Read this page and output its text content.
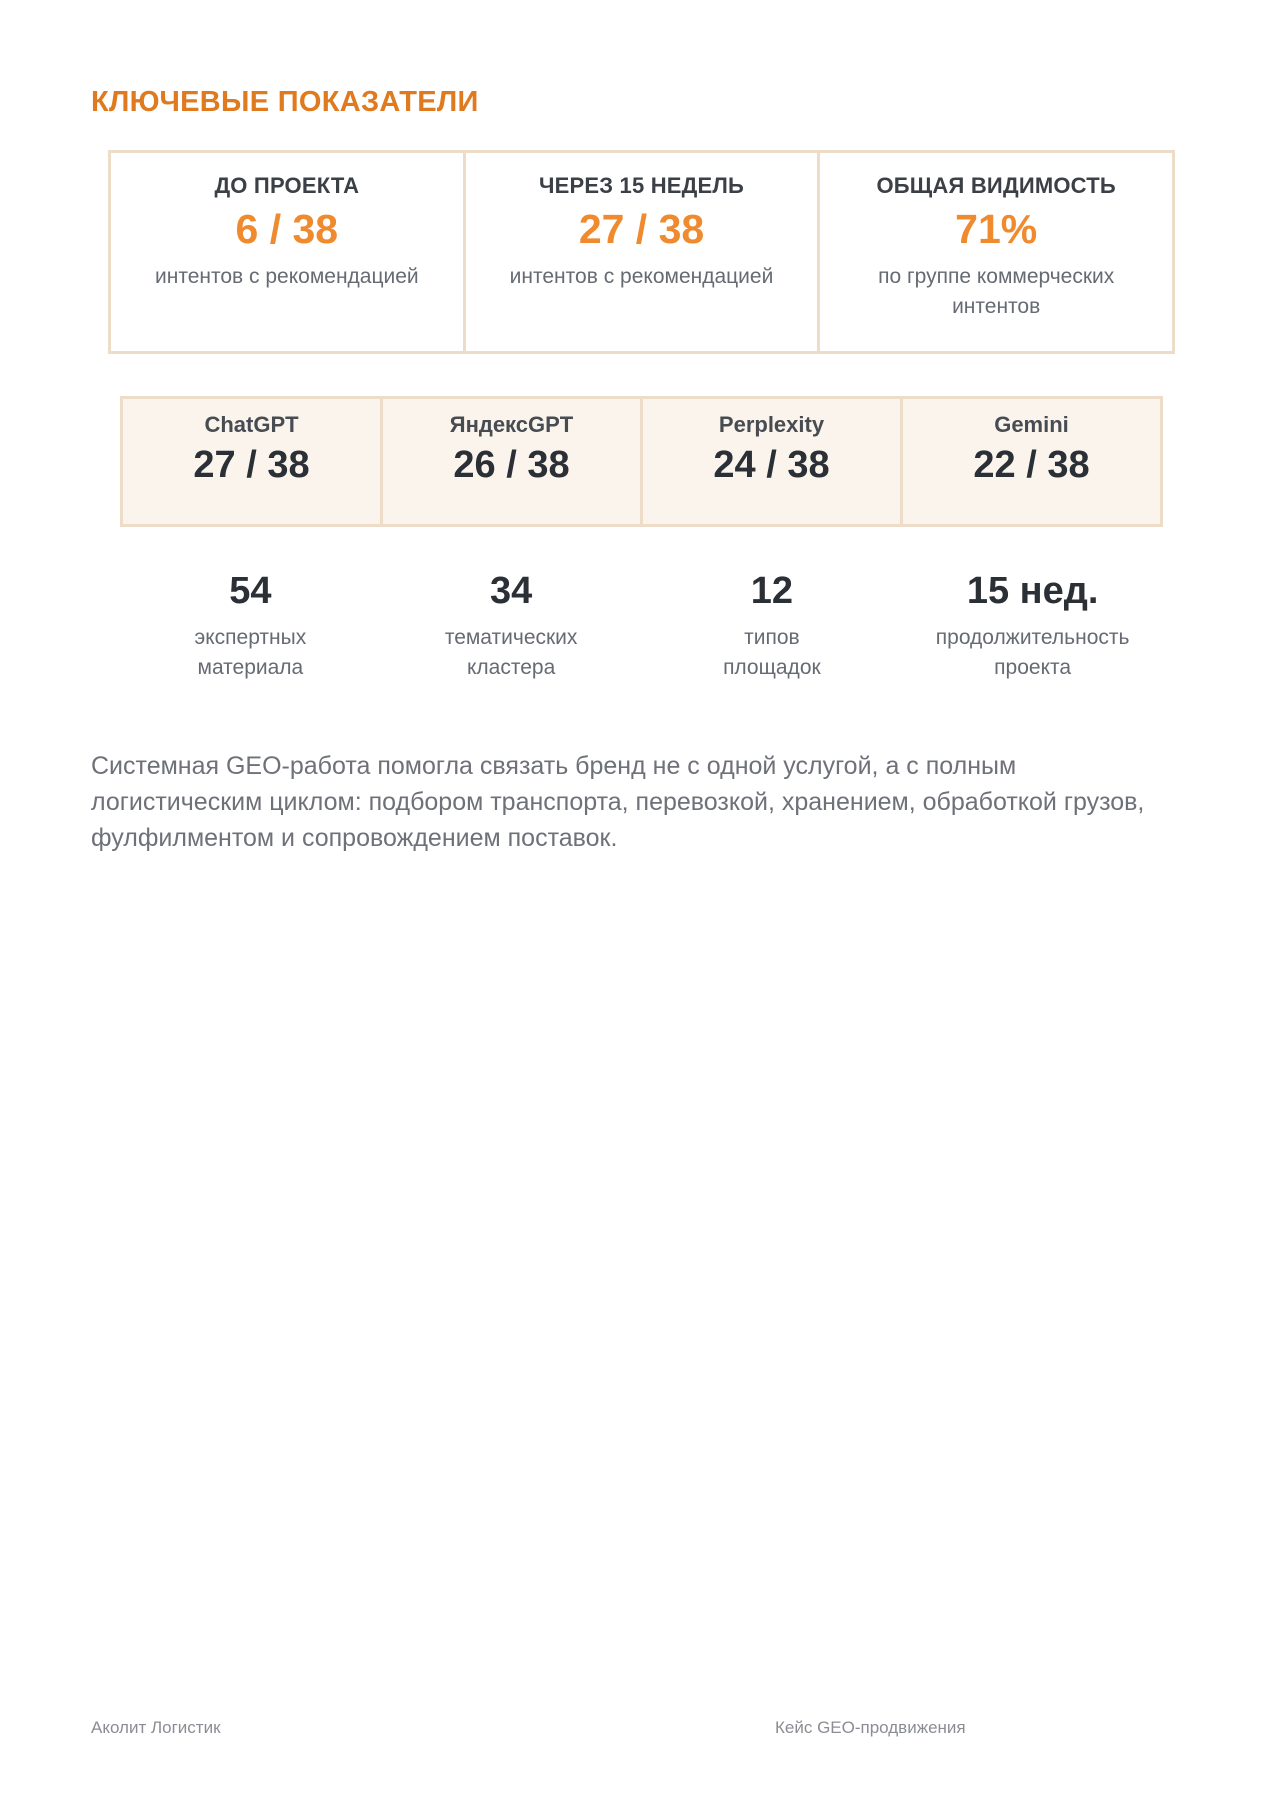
КЛЮЧЕВЫЕ ПОКАЗАТЕЛИ
ДО ПРОЕКТА
6 / 38
интентов с рекомендацией
ЧЕРЕЗ 15 НЕДЕЛЬ
27 / 38
интентов с рекомендацией
ОБЩАЯ ВИДИМОСТЬ
71%
по группе коммерческих интентов
ChatGPT
27 / 38
ЯндексGPT
26 / 38
Perplexity
24 / 38
Gemini
22 / 38
54
экспертных материала
34
тематических кластера
12
типов площадок
15 нед.
продолжительность проекта

Системная GEO-работа помогла связать бренд не с одной услугой, а с полным логистическим циклом: подбором транспорта, перевозкой, хранением, обработкой грузов, фулфилментом и сопровождением поставок.

Аколит Логистик	Кейс GEO-продвижения
